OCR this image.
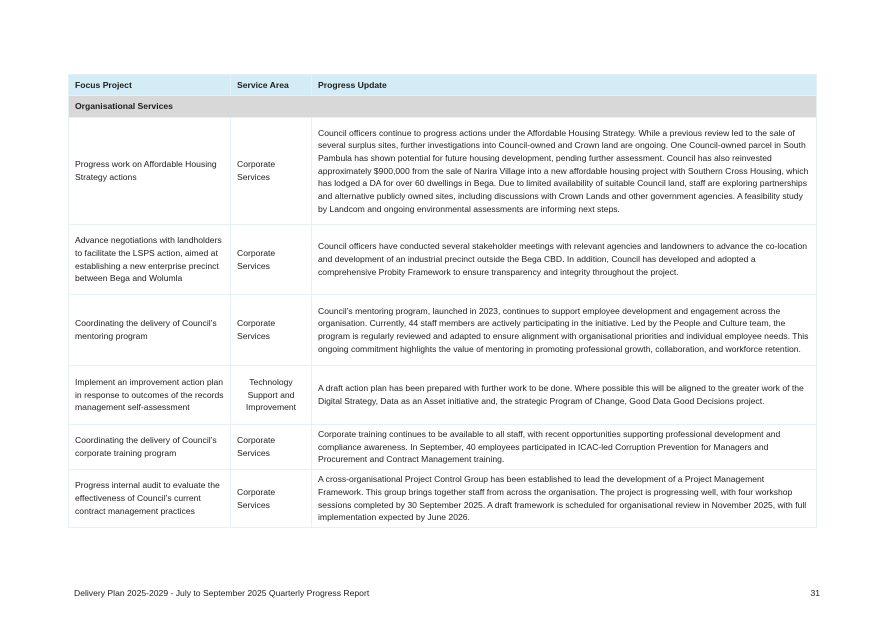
Focus Project	Service Area	Progress Update
Organisational Services		
Progress work on Affordable Housing Strategy actions	Corporate Services	Council officers continue to progress actions under the Affordable Housing Strategy. While a previous review led to the sale of several surplus sites, further investigations into Council-owned and Crown land are ongoing. One Council-owned parcel in South Pambula has shown potential for future housing development, pending further assessment. Council has also reinvested approximately $900,000 from the sale of Narira Village into a new affordable housing project with Southern Cross Housing, which has lodged a DA for over 60 dwellings in Bega. Due to limited availability of suitable Council land, staff are exploring partnerships and alternative publicly owned sites, including discussions with Crown Lands and other government agencies. A feasibility study by Landcom and ongoing environmental assessments are informing next steps.
Advance negotiations with landholders to facilitate the LSPS action, aimed at establishing a new enterprise precinct between Bega and Wolumla	Corporate Services	Council officers have conducted several stakeholder meetings with relevant agencies and landowners to advance the co-location and development of an industrial precinct outside the Bega CBD. In addition, Council has developed and adopted a comprehensive Probity Framework to ensure transparency and integrity throughout the project.
Coordinating the delivery of Council’s mentoring program	Corporate Services	Council’s mentoring program, launched in 2023, continues to support employee development and engagement across the organisation. Currently, 44 staff members are actively participating in the initiative. Led by the People and Culture team, the program is regularly reviewed and adapted to ensure alignment with organisational priorities and individual employee needs. This ongoing commitment highlights the value of mentoring in promoting professional growth, collaboration, and workforce retention.
Implement an improvement action plan in response to outcomes of the records management self-assessment	Technology Support and Improvement	A draft action plan has been prepared with further work to be done. Where possible this will be aligned to the greater work of the Digital Strategy, Data as an Asset initiative and, the strategic Program of Change, Good Data Good Decisions project.
Coordinating the delivery of Council’s corporate training program	Corporate Services	Corporate training continues to be available to all staff, with recent opportunities supporting professional development and compliance awareness. In September, 40 employees participated in ICAC-led Corruption Prevention for Managers and Procurement and Contract Management training.
Progress internal audit to evaluate the effectiveness of Council’s current contract management practices	Corporate Services	A cross-organisational Project Control Group has been established to lead the development of a Project Management Framework. This group brings together staff from across the organisation. The project is progressing well, with four workshop sessions completed by 30 September 2025. A draft framework is scheduled for organisational review in November 2025, with full implementation expected by June 2026.
Delivery Plan 2025-2029 - July to September 2025 Quarterly Progress Report	31
